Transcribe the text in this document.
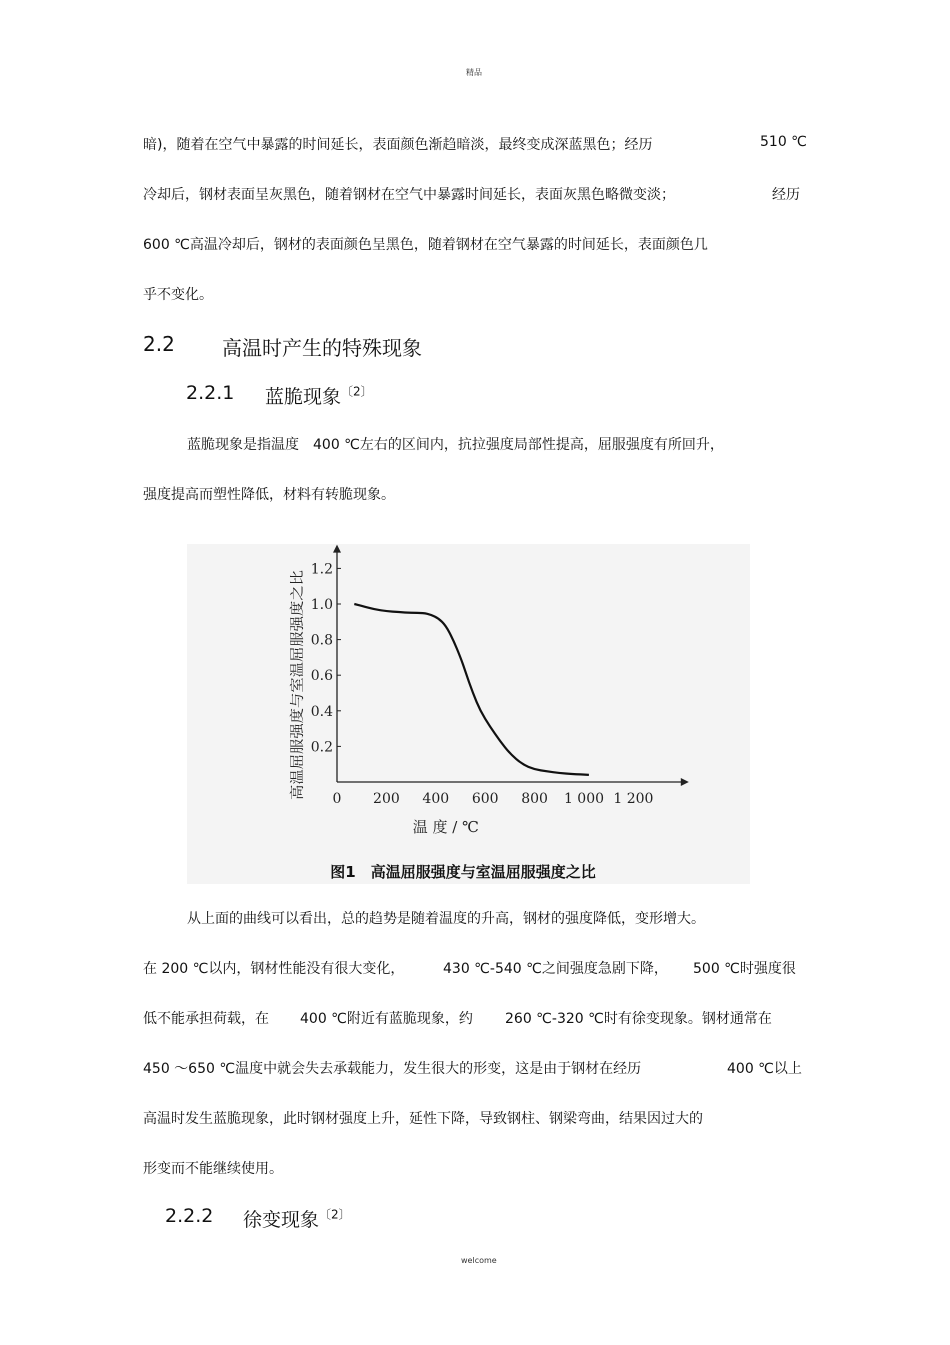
精品
暗)，随着在空气中暴露的时间延长，表面颜色渐趋暗淡，最终变成深蓝黑色；经历	510 ℃
冷却后，钢材表面呈灰黑色，随着钢材在空气中暴露时间延长，表面灰黑色略微变淡；	经历
600 ℃高温冷却后，钢材的表面颜色呈黑色，随着钢材在空气暴露的时间延长，表面颜色几
乎不变化。
2.2 高温时产生的特殊现象
2.2.1 蓝脆现象$^{〔2〕}$
蓝脆现象是指温度　400 ℃左右的区间内，抗拉强度局部性提高，屈服强度有所回升，
强度提高而塑性降低，材料有转脆现象。
0.2
0.4
0.6
0.8
1.0
1.2
0 200 400 600 800 1 000 1 200
高温屈服强度与室温屈服强度之比
温 度 / ℃
图1　高温屈服强度与室温屈服强度之比
从上面的曲线可以看出，总的趋势是随着温度的升高，钢材的强度降低，变形增大。
在 200 ℃以内，钢材性能没有很大变化，	430 ℃-540 ℃之间强度急剧下降， 500 ℃时强度很
低不能承担荷载，在 400 ℃附近有蓝脆现象，约 260 ℃-320 ℃时有徐变现象。钢材通常在
450 ～650 ℃温度中就会失去承载能力，发生很大的形变，这是由于钢材在经历	400 ℃以上
高温时发生蓝脆现象，此时钢材强度上升，延性下降，导致钢柱、钢梁弯曲，结果因过大的
形变而不能继续使用。
2.2.2 徐变现象$^{〔2〕}$
welcome
